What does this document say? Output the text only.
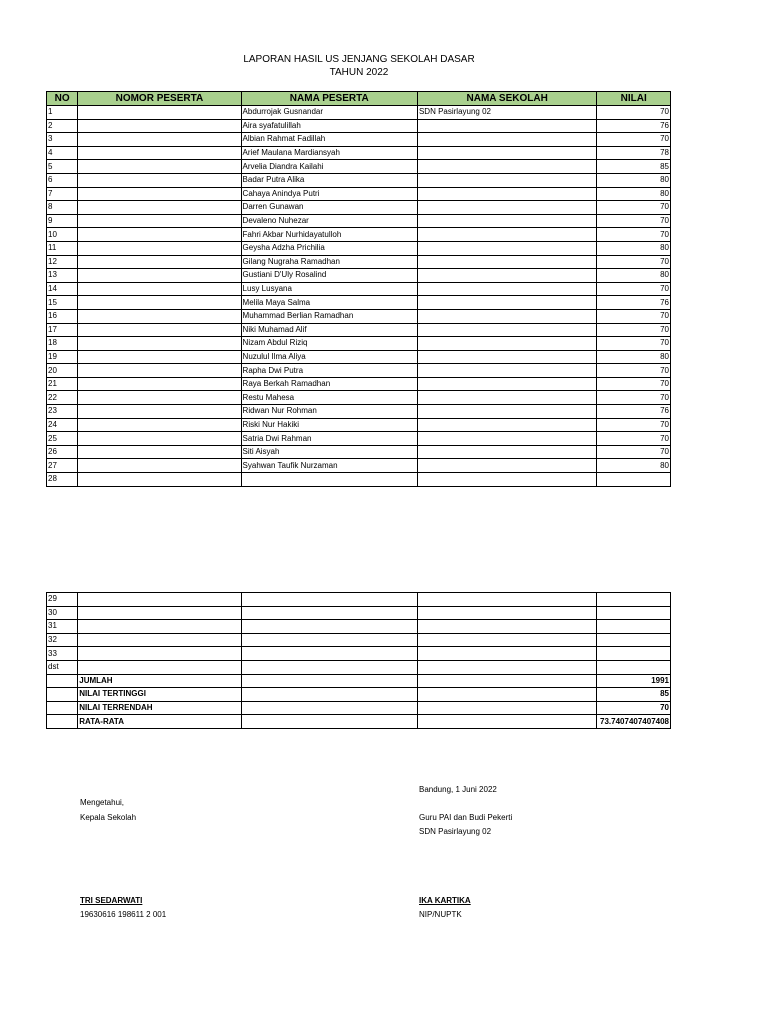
LAPORAN HASIL US JENJANG SEKOLAH DASAR
TAHUN 2022
NO	NOMOR PESERTA	NAMA PESERTA	NAMA SEKOLAH	NILAI
1		Abdurrojak Gusnandar	SDN Pasirlayung 02	70
2		Aira syafatulillah		76
3		Albian Rahmat Fadillah		70
4		Arief Maulana Mardiansyah		78
5		Arvelia Diandra Kailahi		85
6		Badar Putra Alika		80
7		Cahaya Anindya Putri		80
8		Darren Gunawan		70
9		Devaleno Nuhezar		70
10		Fahri Akbar Nurhidayatulloh		70
11		Geysha Adzha Prichilia		80
12		Gilang Nugraha Ramadhan		70
13		Gustiani D'Uly Rosalind		80
14		Lusy Lusyana		70
15		Melila Maya Salma		76
16		Muhammad Berlian Ramadhan		70
17		Niki Muhamad Alif		70
18		Nizam Abdul Riziq		70
19		Nuzulul Ilma Aliya		80
20		Rapha Dwi Putra		70
21		Raya Berkah Ramadhan		70
22		Restu Mahesa		70
23		Ridwan Nur Rohman		76
24		Riski Nur Hakiki		70
25		Satria Dwi Rahman		70
26		Siti Aisyah		70
27		Syahwan Taufik Nurzaman		80
28				
29				
30				
31				
32				
33				
dst				
	JUMLAH			1991
	NILAI TERTINGGI			85
	NILAI TERRENDAH			70
	RATA-RATA			73.7407407407408
Bandung, 1 Juni 2022
Mengetahui,
Kepala Sekolah
TRI SEDARWATI
19630616 198611 2 001
Guru PAI dan Budi Pekerti
SDN Pasirlayung 02
IKA KARTIKA
NIP/NUPTK
